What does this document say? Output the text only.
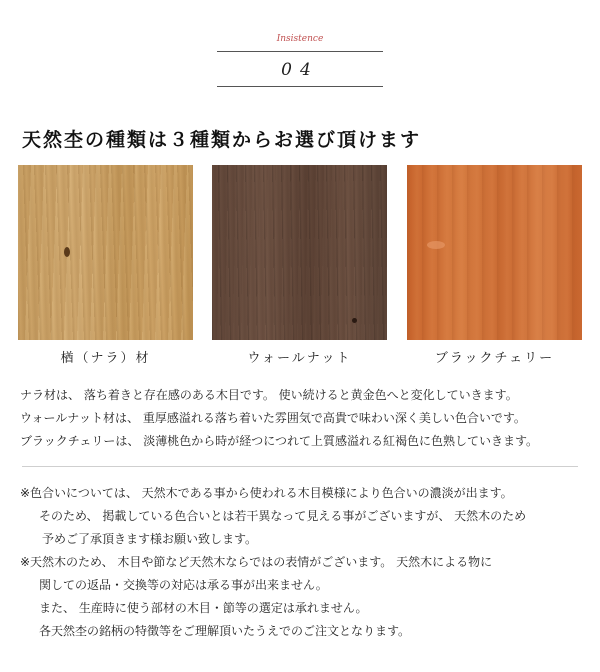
Insistence
04
天然杢の種類は３種類からお選び頂けます
楢（ナラ）材	ウォールナット	ブラックチェリー

ナラ材は、 落ち着きと存在感のある木目です。 使い続けると黄金色へと変化していきます。

ウォールナット材は、 重厚感溢れる落ち着いた雰囲気で高貴で味わい深く美しい色合いです。

ブラックチェリーは、 淡薄桃色から時が経つにつれて上質感溢れる紅褐色に色熟していきます。

※色合いについては、 天然木である事から使われる木目模様により色合いの濃淡が出ます。

そのため、 掲載している色合いとは若干異なって見える事がございますが、 天然木のため

予めご了承頂きます様お願い致します。

※天然木のため、 木目や節など天然木ならではの表情がございます。 天然木による物に

関しての返品・交換等の対応は承る事が出来ません。

また、 生産時に使う部材の木目・節等の選定は承れません。

各天然杢の銘柄の特徴等をご理解頂いたうえでのご注文となります。
